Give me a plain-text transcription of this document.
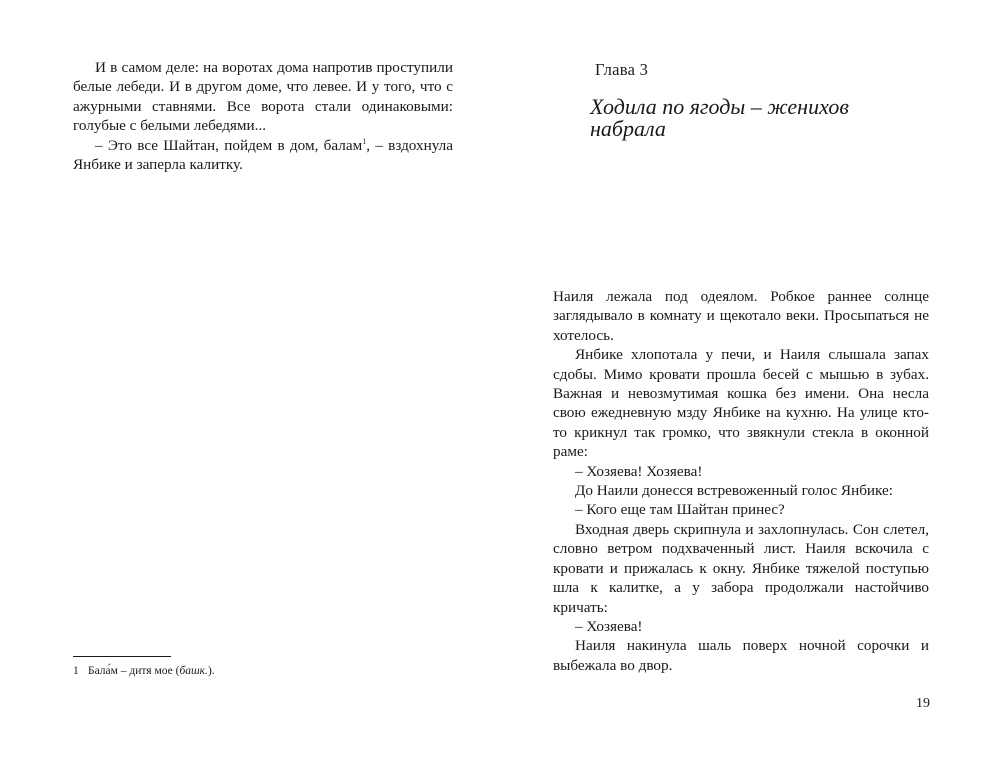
И в самом деле: на воротах дома напротив проступили белые лебеди. И в другом доме, что левее. И у того, что с ажурными ставнями. Все ворота стали одинаковыми: голубые с белыми лебедями...

– Это все Шайтан, пойдем в дом, балам$^1$, – вздохнула Янбике и заперла калитку.

1 Бала́м – дитя мое (башк.).
Глава 3
Ходила по ягоды – женихов
набрала

Наиля лежала под одеялом. Робкое раннее солнце заглядывало в комнату и щекотало веки. Просыпаться не хотелось.

Янбике хлопотала у печи, и Наиля слышала запах сдобы. Мимо кровати прошла бесей с мышью в зубах. Важная и невозмутимая кошка без имени. Она несла свою ежедневную мзду Янбике на кухню. На улице кто-то крикнул так громко, что звякнули стекла в оконной раме:

– Хозяева! Хозяева!

До Наили донесся встревоженный голос Янбике:

– Кого еще там Шайтан принес?

Входная дверь скрипнула и захлопнулась. Сон слетел, словно ветром подхваченный лист. Наиля вскочила с кровати и прижалась к окну. Янбике тяжелой поступью шла к калитке, а у забора продолжали настойчиво кричать:

– Хозяева!

Наиля накинула шаль поверх ночной сорочки и выбежала во двор.

19
